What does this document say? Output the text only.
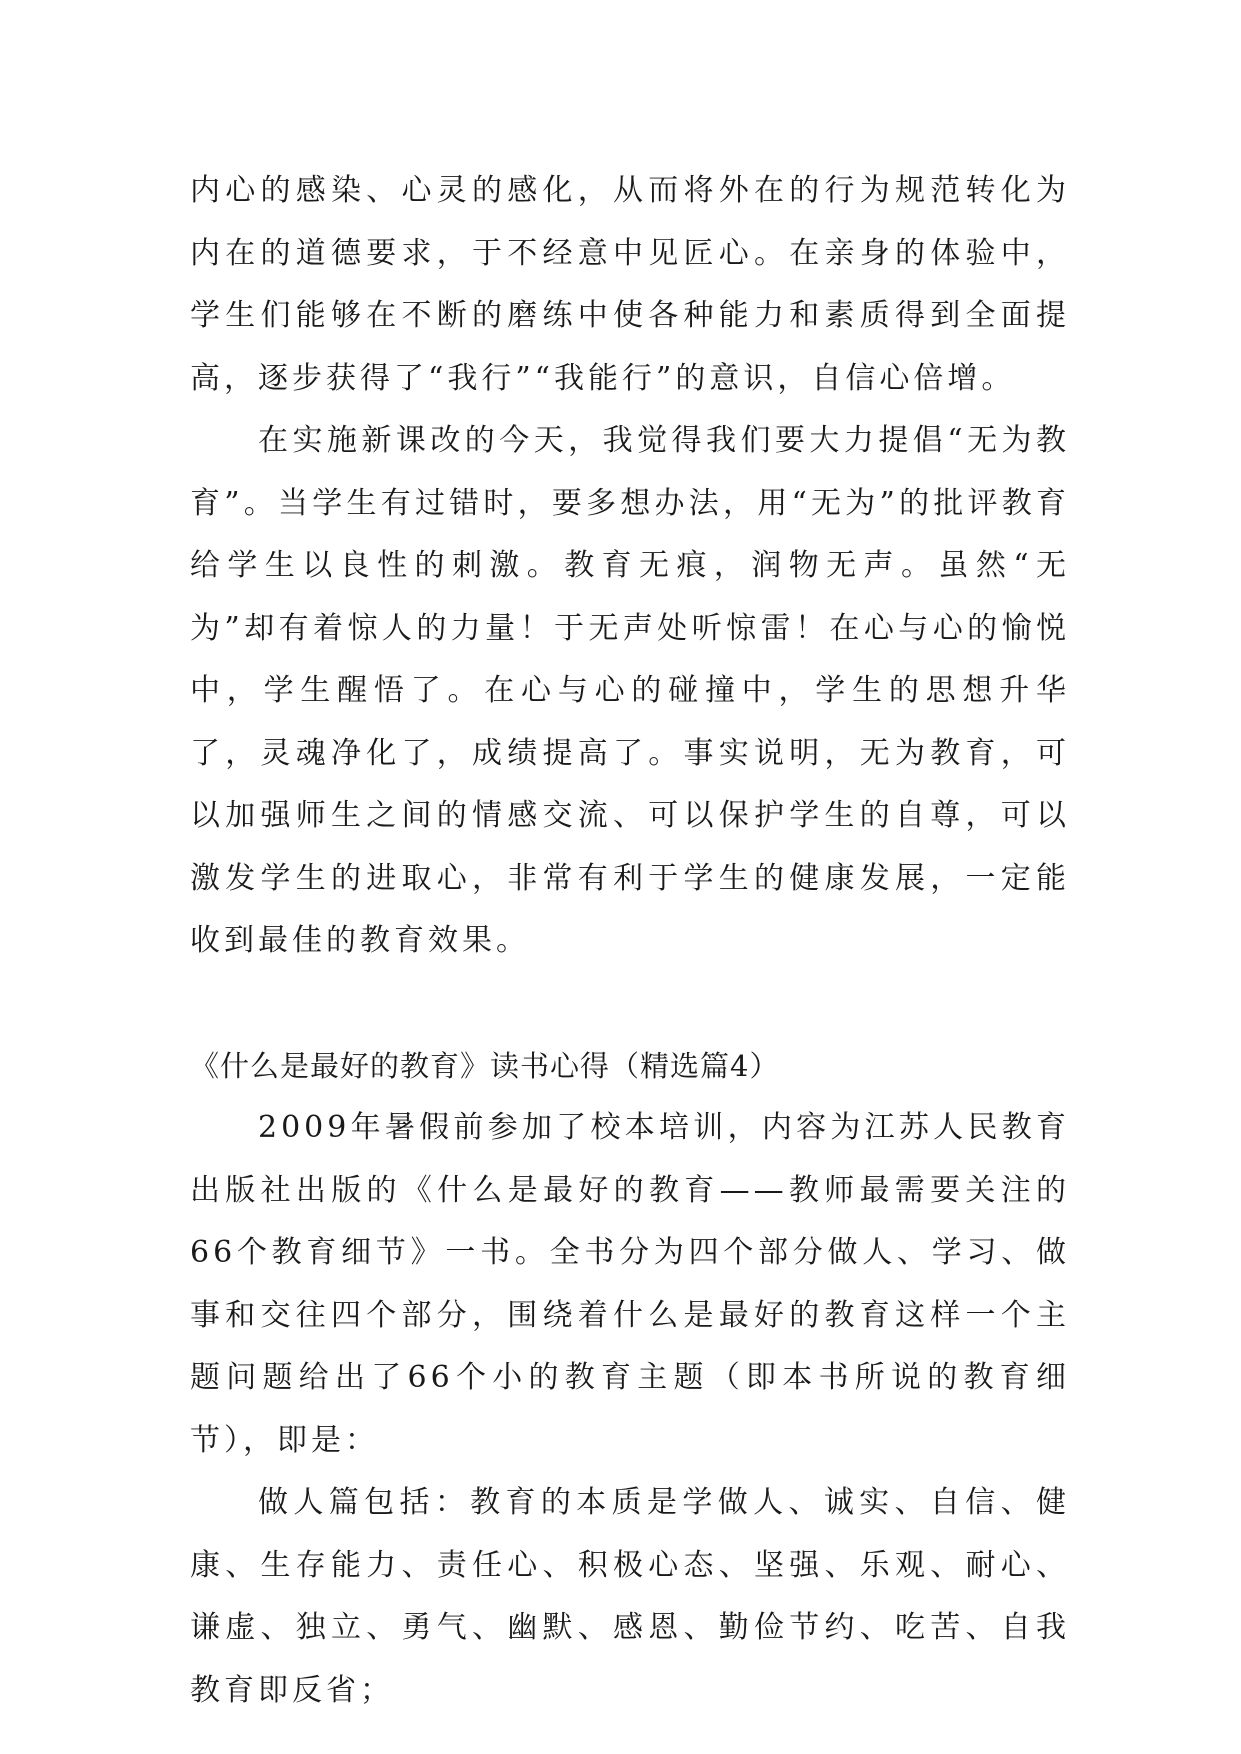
内心的感染、心灵的感化，从而将外在的行为规范转化为内在的道德要求，于不经意中见匠心。在亲身的体验中，学生们能够在不断的磨练中使各种能力和素质得到全面提高，逐步获得了“我行”“我能行”的意识，自信心倍增。

在实施新课改的今天，我觉得我们要大力提倡“无为教育”。当学生有过错时，要多想办法，用“无为”的批评教育给学生以良性的刺激。教育无痕，润物无声。虽然“无为”却有着惊人的力量！于无声处听惊雷！在心与心的愉悦中，学生醒悟了。在心与心的碰撞中，学生的思想升华了，灵魂净化了，成绩提高了。事实说明，无为教育，可以加强师生之间的情感交流、可以保护学生的自尊，可以激发学生的进取心，非常有利于学生的健康发展，一定能收到最佳的教育效果。

《什么是最好的教育》读书心得（精选篇4）

2009年暑假前参加了校本培训，内容为江苏人民教育出版社出版的《什么是最好的教育——教师最需要关注的66个教育细节》一书。全书分为四个部分做人、学习、做事和交往四个部分，围绕着什么是最好的教育这样一个主题问题给出了66个小的教育主题（即本书所说的教育细节），即是：

做人篇包括：教育的本质是学做人、诚实、自信、健康、生存能力、责任心、积极心态、坚强、乐观、耐心、谦虚、独立、勇气、幽默、感恩、勤俭节约、吃苦、自我教育即反省；
